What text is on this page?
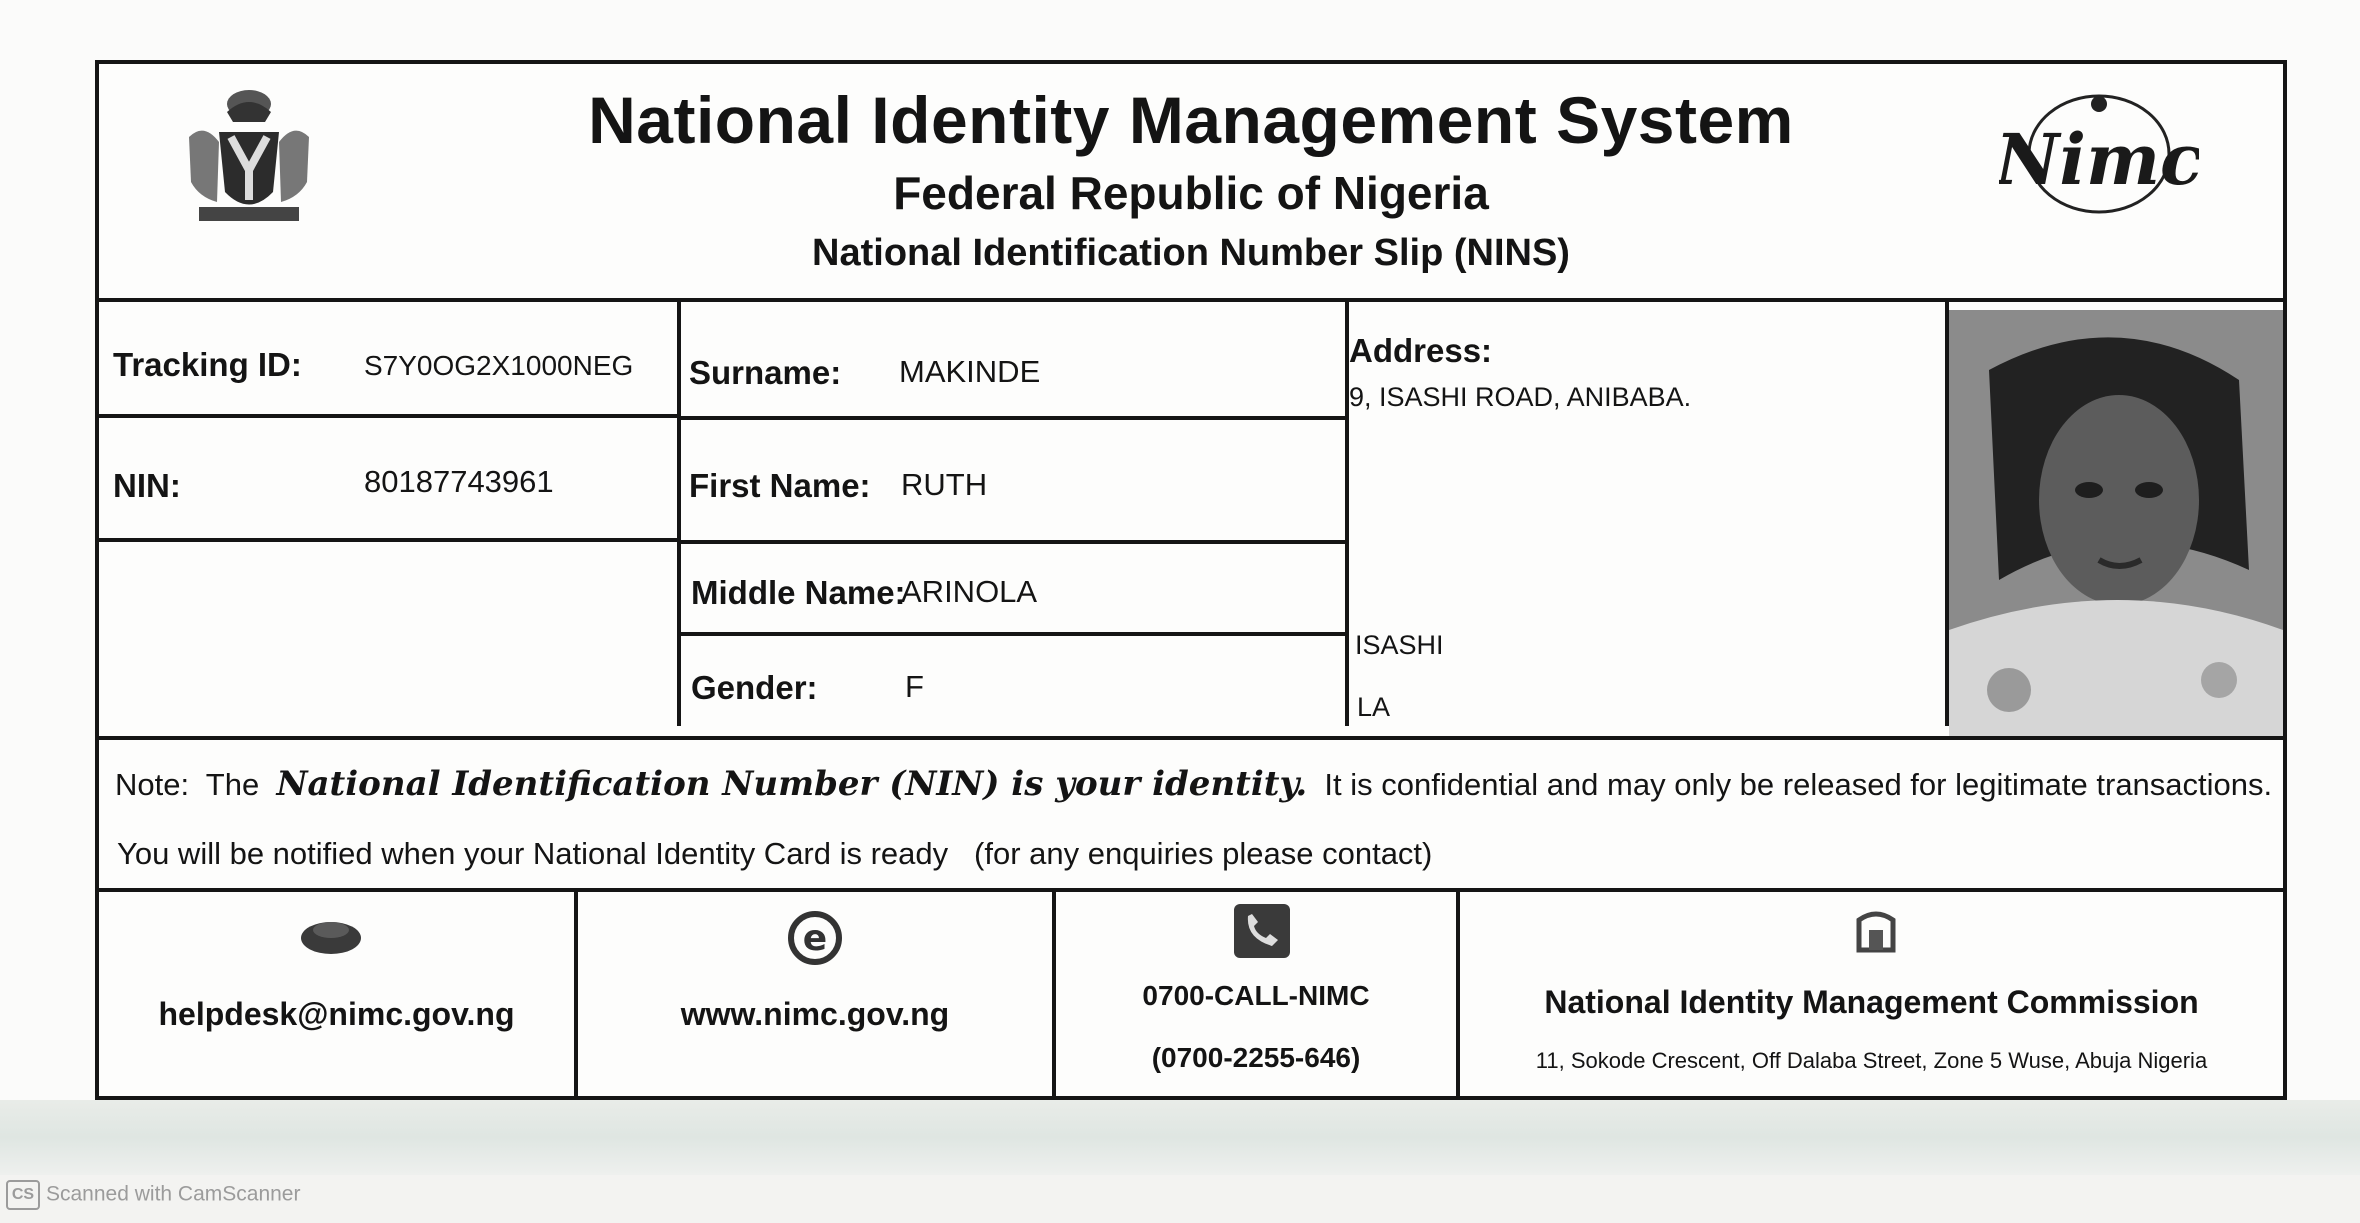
National Identity Management System
Federal Republic of Nigeria
National Identification Number Slip (NINS)
Nimc
Tracking ID: S7Y0OG2X1000NEG
NIN:	80187743961
Surname: MAKINDE
First Name: RUTH
Middle Name:
ARINOLA
Gender:	F
Address:
9, ISASHI ROAD, ANIBABA.
ISASHI
LA
Note: The National Identification Number (NIN) is your identity. It is confidential and may only be released for legitimate transactions.
You will be notified when your National Identity Card is ready (for any enquiries please contact)
helpdesk@nimc.gov.ng
e
www.nimc.gov.ng
0700-CALL-NIMC
(0700-2255-646)
National Identity Management Commission
11, Sokode Crescent, Off Dalaba Street, Zone 5 Wuse, Abuja Nigeria
CS Scanned with CamScanner
